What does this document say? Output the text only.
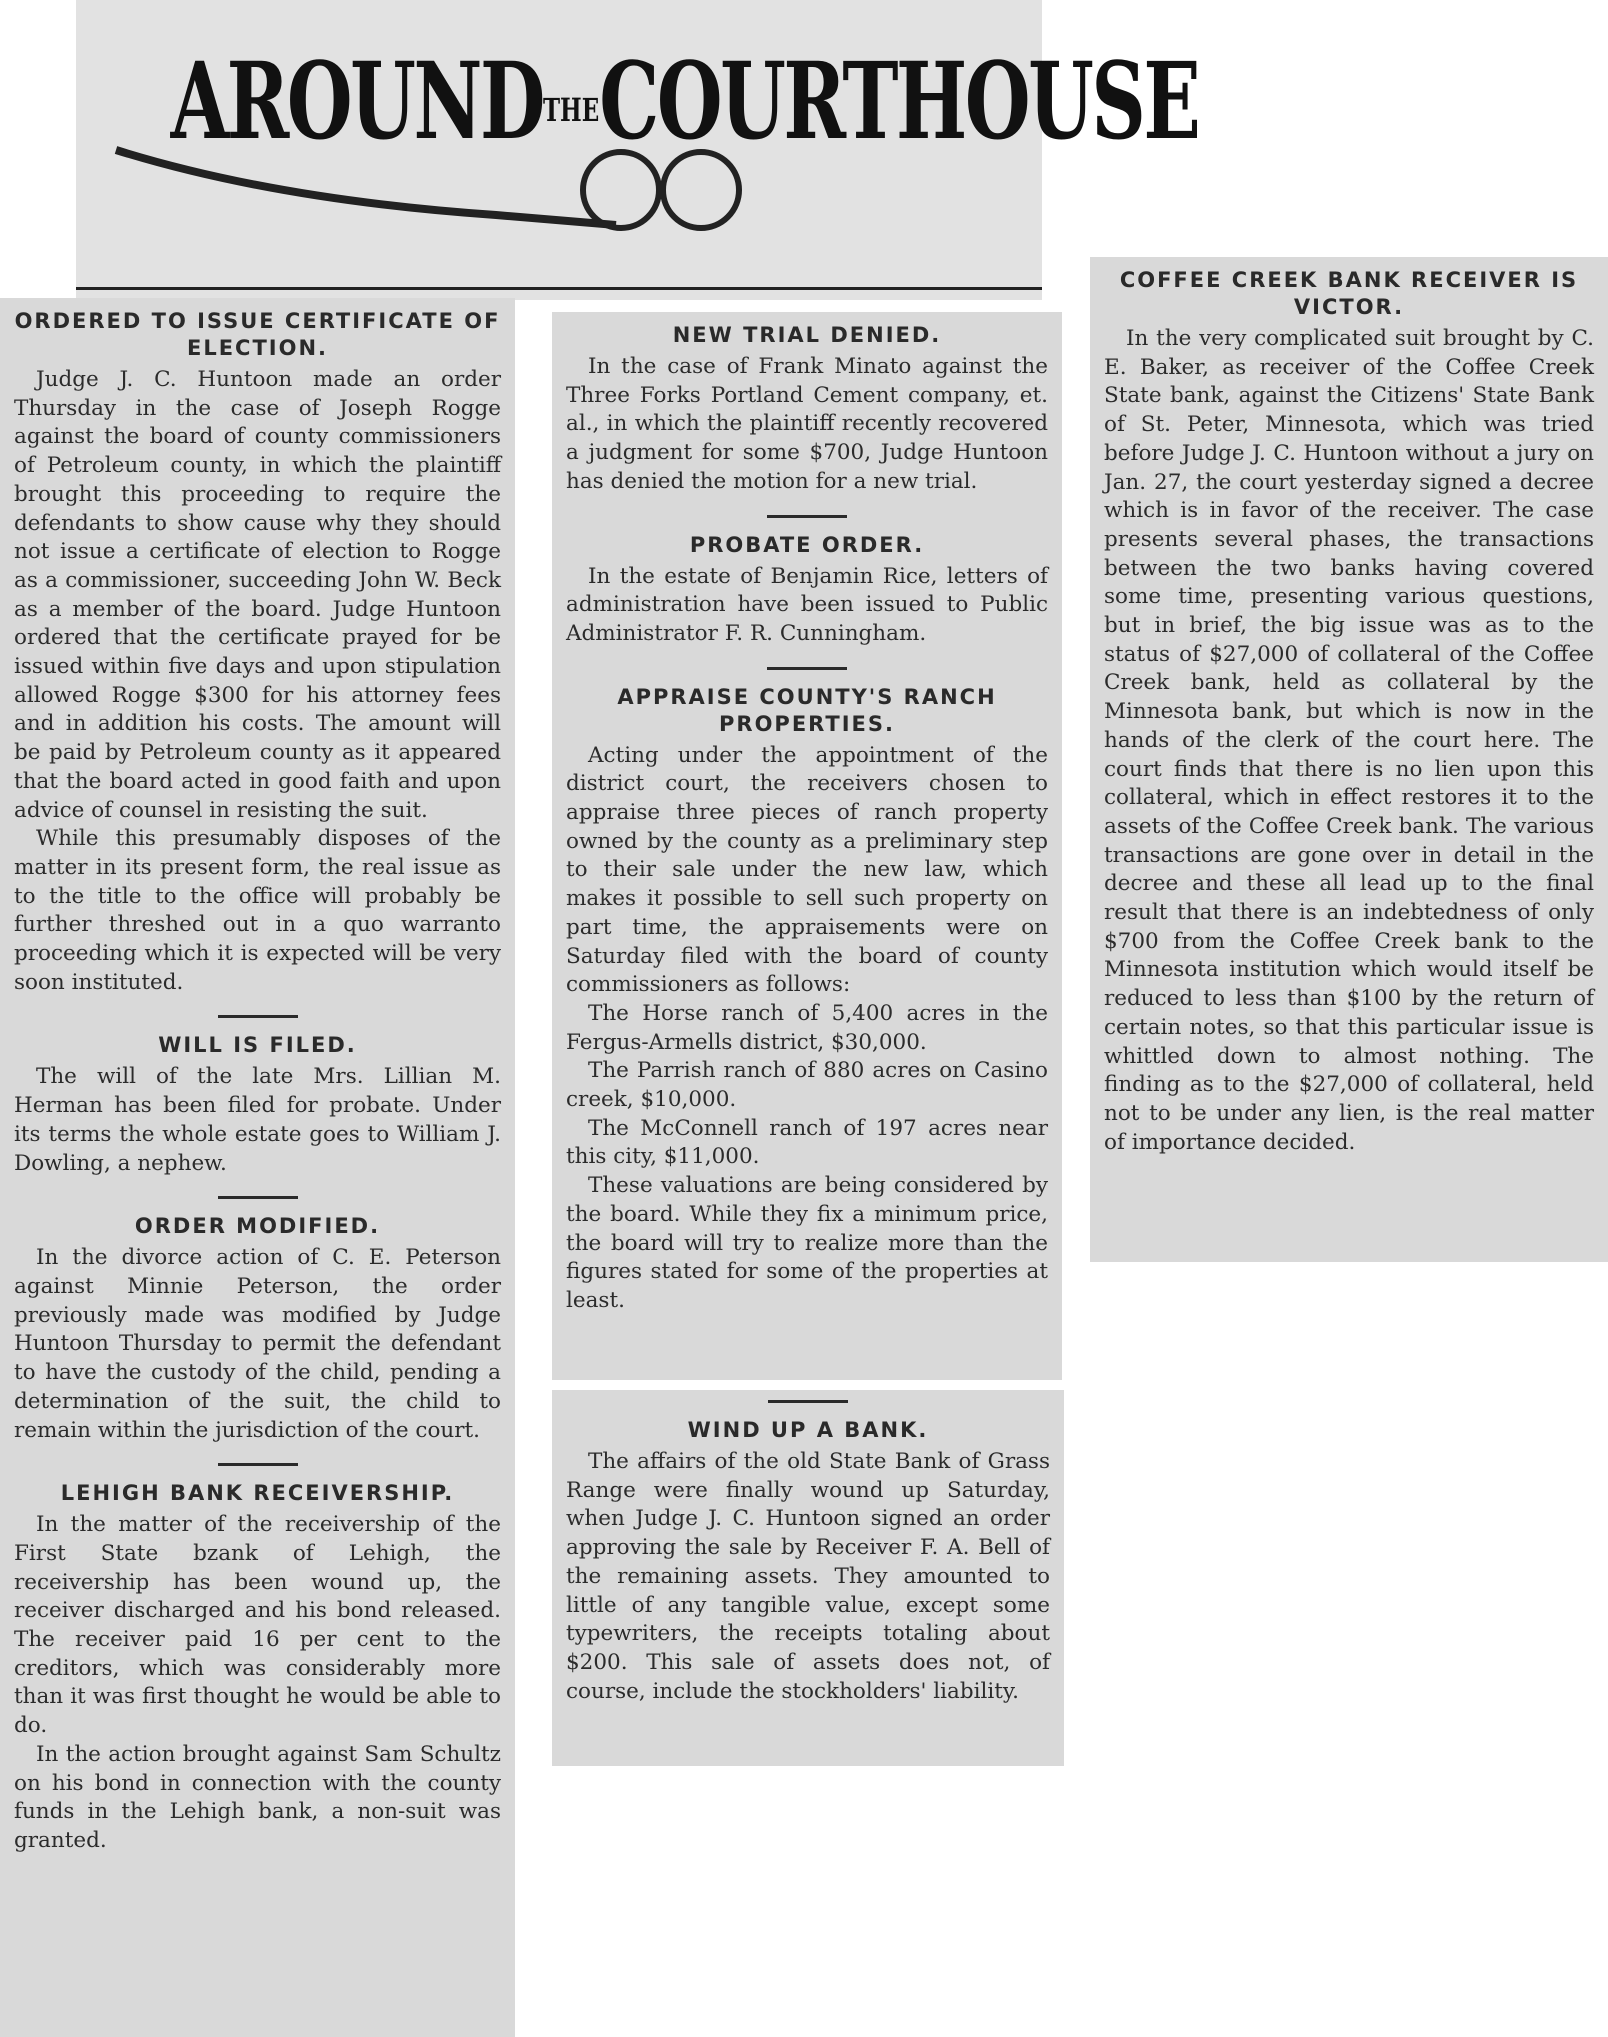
AROUNDTHECOURTHOUSE
ORDERED TO ISSUE CERTIFICATE OF ELECTION.

Judge J. C. Huntoon made an order Thursday in the case of Joseph Rogge against the board of county commissioners of Petroleum county, in which the plaintiff brought this proceeding to require the defendants to show cause why they should not issue a certificate of election to Rogge as a commissioner, succeeding John W. Beck as a member of the board. Judge Huntoon ordered that the certificate prayed for be issued within five days and upon stipulation allowed Rogge $300 for his attorney fees and in addition his costs. The amount will be paid by Petroleum county as it appeared that the board acted in good faith and upon advice of counsel in resisting the suit.

While this presumably disposes of the matter in its present form, the real issue as to the title to the office will probably be further threshed out in a quo warranto proceeding which it is expected will be very soon instituted.

WILL IS FILED.

The will of the late Mrs. Lillian M. Herman has been filed for probate. Under its terms the whole estate goes to William J. Dowling, a nephew.

ORDER MODIFIED.

In the divorce action of C. E. Peterson against Minnie Peterson, the order previously made was modified by Judge Huntoon Thursday to permit the defendant to have the custody of the child, pending a determination of the suit, the child to remain within the jurisdiction of the court.

LEHIGH BANK RECEIVERSHIP.

In the matter of the receivership of the First State bzank of Lehigh, the receivership has been wound up, the receiver discharged and his bond released. The receiver paid 16 per cent to the creditors, which was considerably more than it was first thought he would be able to do.

In the action brought against Sam Schultz on his bond in connection with the county funds in the Lehigh bank, a non-suit was granted.

NEW TRIAL DENIED.

In the case of Frank Minato against the Three Forks Portland Cement company, et. al., in which the plaintiff recently recovered a judgment for some $700, Judge Huntoon has denied the motion for a new trial.

PROBATE ORDER.

In the estate of Benjamin Rice, letters of administration have been issued to Public Administrator F. R. Cunningham.

APPRAISE COUNTY'S RANCH PROPERTIES.

Acting under the appointment of the district court, the receivers chosen to appraise three pieces of ranch property owned by the county as a preliminary step to their sale under the new law, which makes it possible to sell such property on part time, the appraisements were on Saturday filed with the board of county commissioners as follows:

The Horse ranch of 5,400 acres in the Fergus-Armells district, $30,000.

The Parrish ranch of 880 acres on Casino creek, $10,000.

The McConnell ranch of 197 acres near this city, $11,000.

These valuations are being considered by the board. While they fix a minimum price, the board will try to realize more than the figures stated for some of the properties at least.

WIND UP A BANK.

The affairs of the old State Bank of Grass Range were finally wound up Saturday, when Judge J. C. Huntoon signed an order approving the sale by Receiver F. A. Bell of the remaining assets. They amounted to little of any tangible value, except some typewriters, the receipts totaling about $200. This sale of assets does not, of course, include the stockholders' liability.

COFFEE CREEK BANK RECEIVER IS VICTOR.

In the very complicated suit brought by C. E. Baker, as receiver of the Coffee Creek State bank, against the Citizens' State Bank of St. Peter, Minnesota, which was tried before Judge J. C. Huntoon without a jury on Jan. 27, the court yesterday signed a decree which is in favor of the receiver. The case presents several phases, the transactions between the two banks having covered some time, presenting various questions, but in brief, the big issue was as to the status of $27,000 of collateral of the Coffee Creek bank, held as collateral by the Minnesota bank, but which is now in the hands of the clerk of the court here. The court finds that there is no lien upon this collateral, which in effect restores it to the assets of the Coffee Creek bank. The various transactions are gone over in detail in the decree and these all lead up to the final result that there is an indebtedness of only $700 from the Coffee Creek bank to the Minnesota institution which would itself be reduced to less than $100 by the return of certain notes, so that this particular issue is whittled down to almost nothing. The finding as to the $27,000 of collateral, held not to be under any lien, is the real matter of importance decided.
